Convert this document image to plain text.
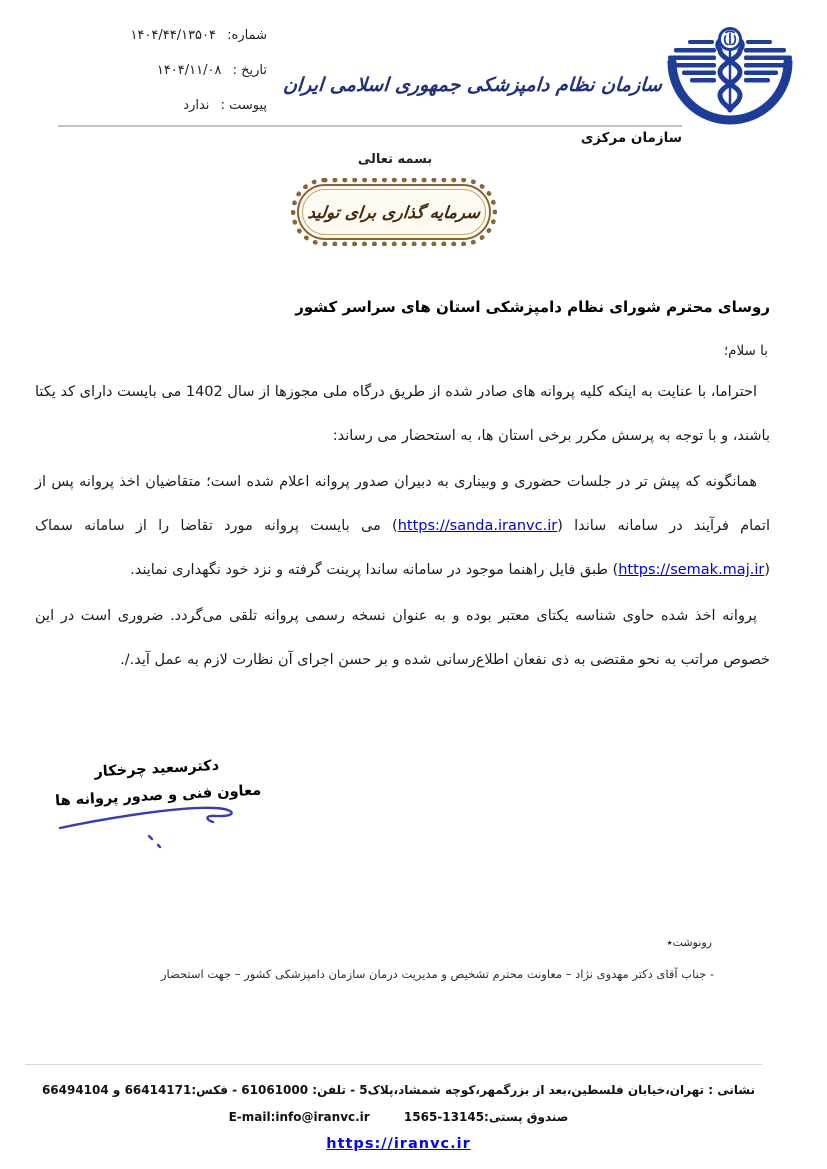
شماره: ۱۴۰۴/۴۴/۱۳۵۰۴
تاریخ : ۱۴۰۴/۱۱/۰۸
پیوست : ندارد
سازمان نظام دامپزشکی جمهوری اسلامی ایران
سازمان مرکزی
بسمه تعالی
سرمایه گذاری برای تولید
روسای محترم شورای نظام دامپزشکی استان های سراسر کشور
با سلام؛

احتراما، با عنایت به اینکه کلیه پروانه های صادر شده از طریق درگاه ملی مجوزها از سال 1402 می بایست دارای کد یکتا باشند، و با توجه به پرسش مکرر برخی استان ها، به استحضار می رساند:

همانگونه که پیش تر در جلسات حضوری و وبیناری به دبیران صدور پروانه اعلام شده است؛ متقاضیان اخذ پروانه پس از اتمام فرآیند در سامانه ساندا (https://sanda.iranvc.ir) می بایست پروانه مورد تقاضا را از سامانه سماک (https://semak.maj.ir) طبق فایل راهنما موجود در سامانه ساندا پرینت گرفته و نزد خود نگهداری نمایند.

پروانه اخذ شده حاوی شناسه یکتای معتبر بوده و به عنوان نسخه رسمی پروانه تلقی می‌گردد. ضروری است در این خصوص مراتب به نحو مقتضی به ذی نفعان اطلاع‌رسانی شده و بر حسن اجرای آن نظارت لازم به عمل آید./.

دکترسعید چرخکار
معاون فنی و صدور پروانه ها
رونوشت٭
- جناب آقای دکتر مهدوی نژاد – معاونت محترم تشخیص و مدیریت درمان سازمان دامپزشکی کشور – جهت استحضار
نشانی : تهران،خیابان فلسطین،بعد از بزرگمهر،کوچه شمشاد،پلاک5 - تلفن: 61061000 - فکس:66414171 و 66494104
صندوق پستی:13145-1565 E-mail:info@iranvc.ir
https://iranvc.ir
